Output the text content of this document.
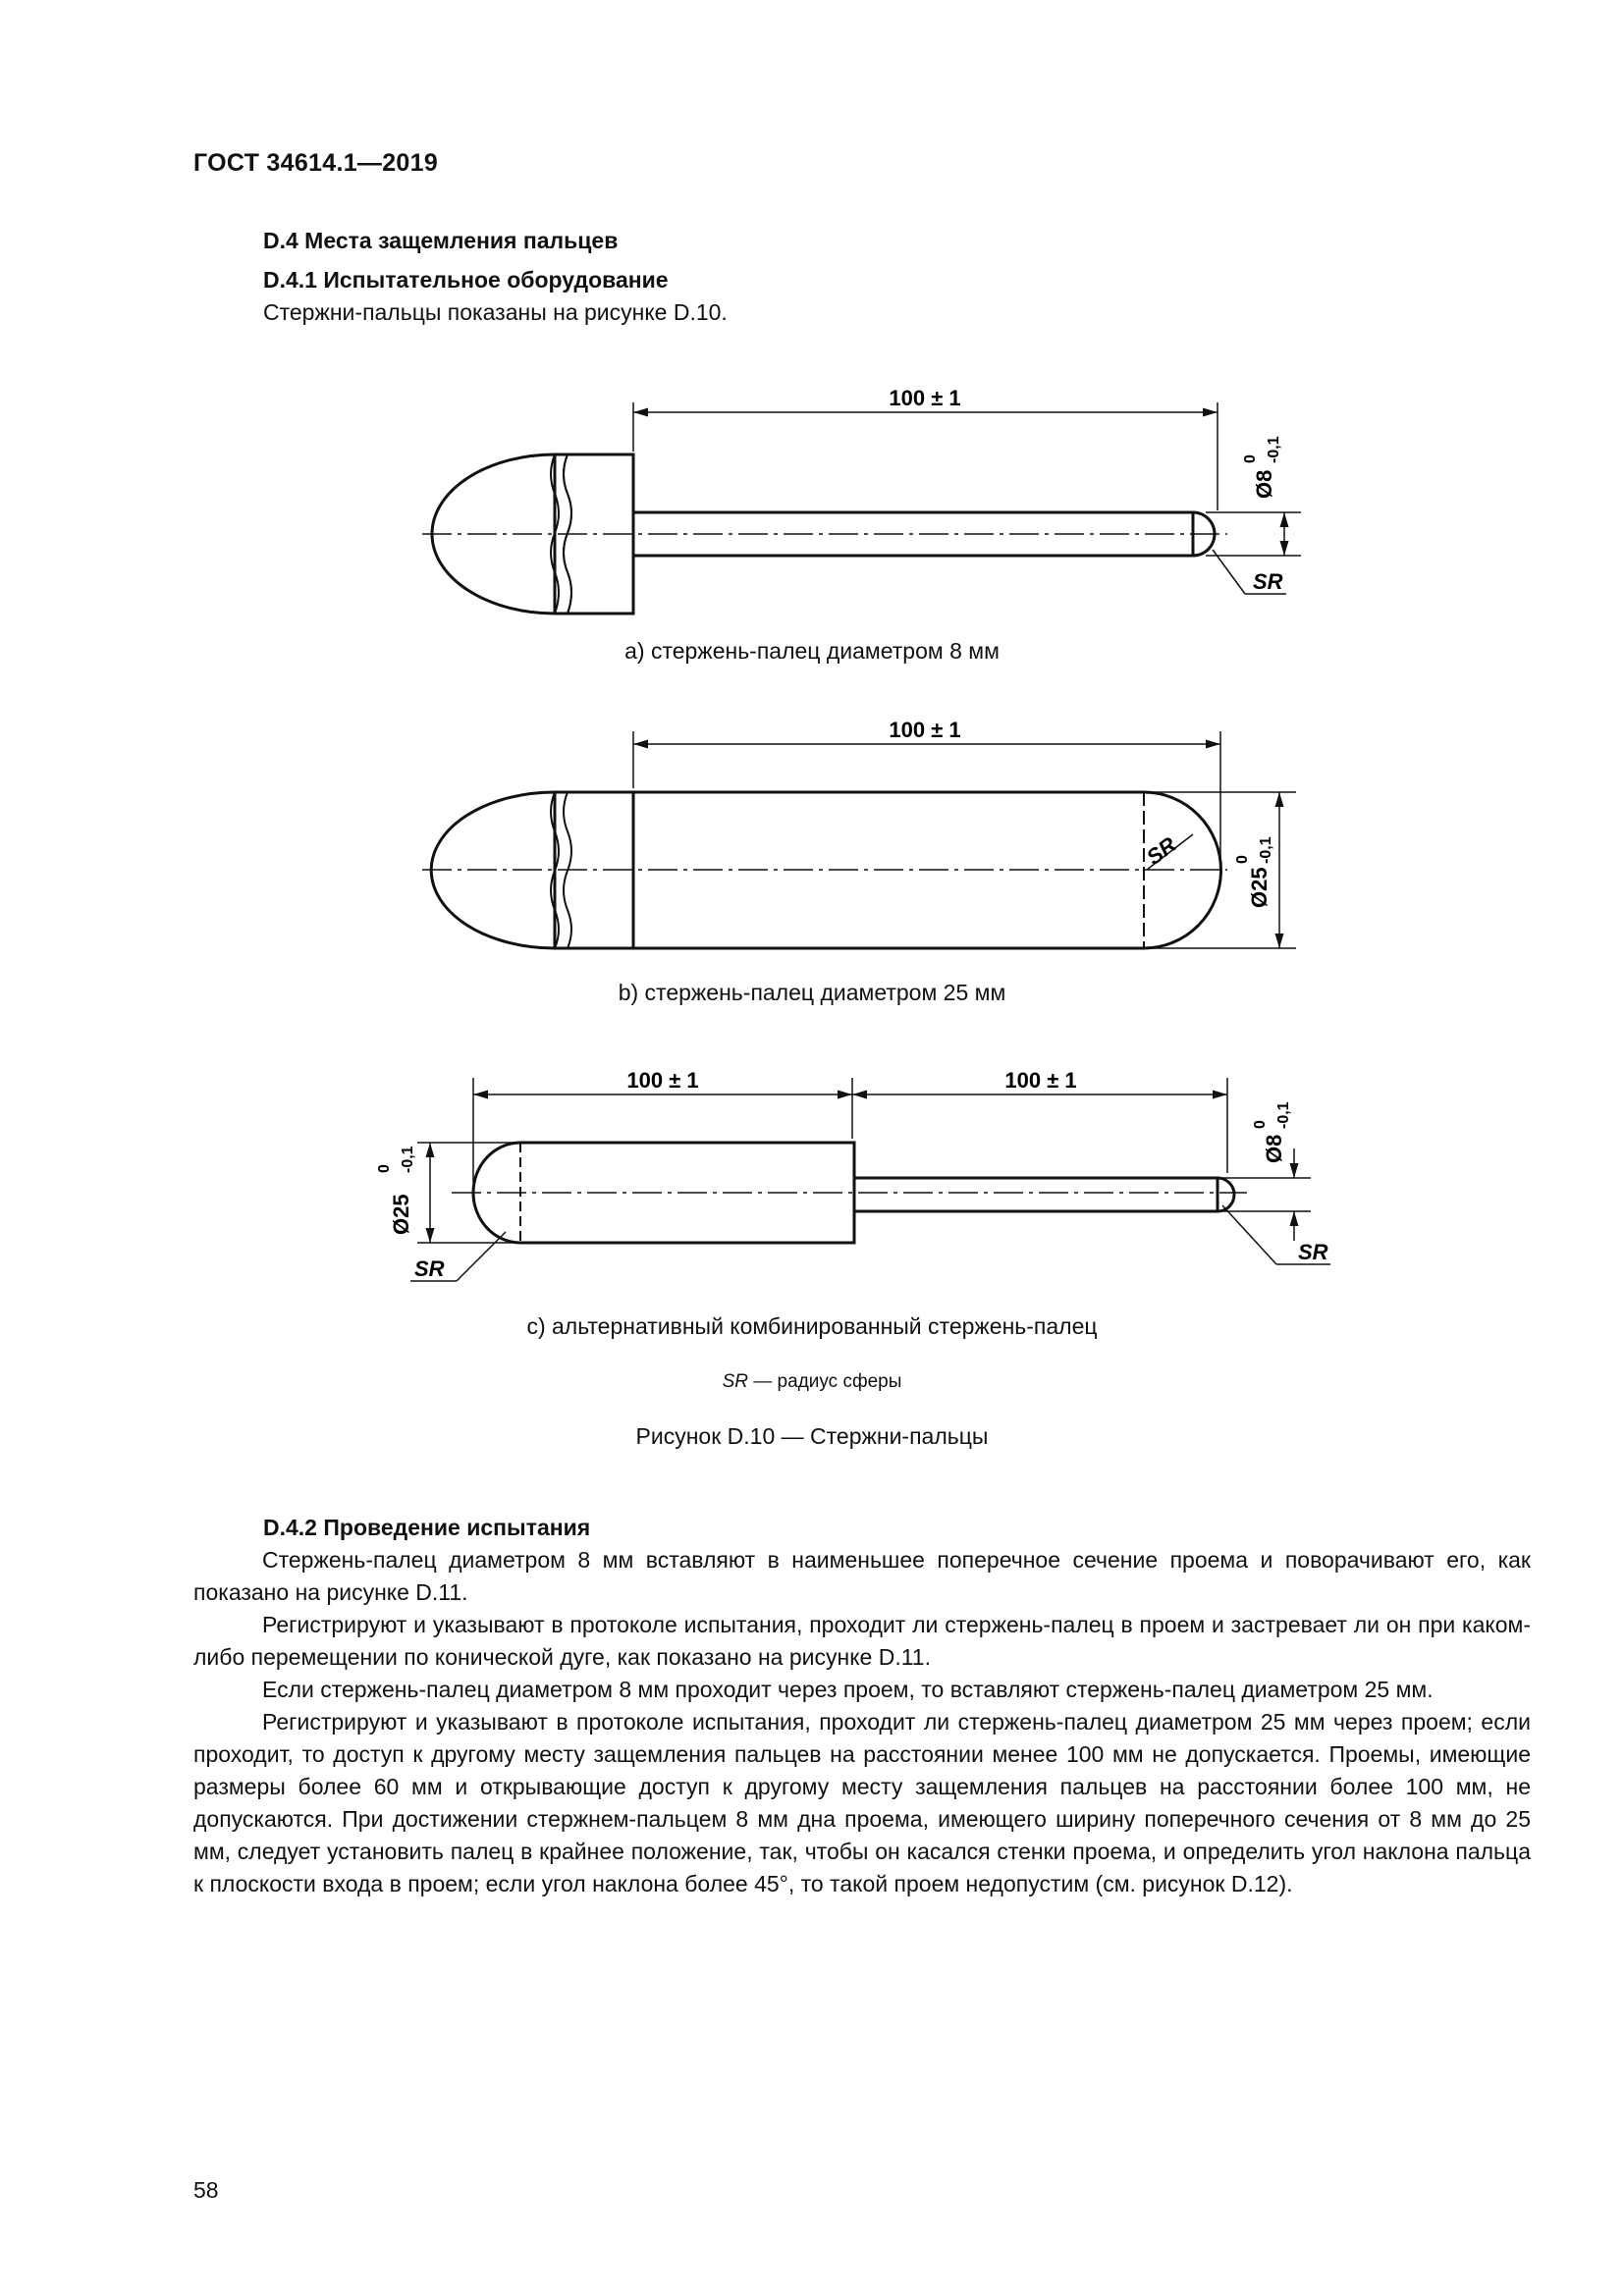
ГОСТ 34614.1—2019
D.4 Места защемления пальцев
D.4.1 Испытательное оборудование
Стержни-пальцы показаны на рисунке D.10.
100 ± 1
Ø8
0 -0,1
SR
а) стержень-палец диаметром 8 мм
100 ± 1
Ø25
0 -0,1
SR
b) стержень-палец диаметром 25 мм
100 ± 1	100 ± 1
Ø25
0 -0,1	Ø8
0 -0,1
SR
SR
с) альтернативный комбинированный стержень-палец
SR — радиус сферы
Рисунок D.10 — Стержни-пальцы
D.4.2 Проведение испытания

Стержень-палец диаметром 8 мм вставляют в наименьшее поперечное сечение проема и поворачивают его, как показано на рисунке D.11.

Регистрируют и указывают в протоколе испытания, проходит ли стержень-палец в проем и застревает ли он при каком-либо перемещении по конической дуге, как показано на рисунке D.11.

Если стержень-палец диаметром 8 мм проходит через проем, то вставляют стержень-палец диаметром 25 мм.

Регистрируют и указывают в протоколе испытания, проходит ли стержень-палец диаметром 25 мм через проем; если проходит, то доступ к другому месту защемления пальцев на расстоянии менее 100 мм не допускается. Проемы, имеющие размеры более 60 мм и открывающие доступ к другому месту защемления пальцев на расстоянии более 100 мм, не допускаются. При достижении стержнем-пальцем 8 мм дна проема, имеющего ширину поперечного сечения от 8 мм до 25 мм, следует установить палец в крайнее положение, так, чтобы он касался стенки проема, и определить угол наклона пальца к плоскости входа в проем; если угол наклона более 45°, то такой проем недопустим (см. рисунок D.12).

58
